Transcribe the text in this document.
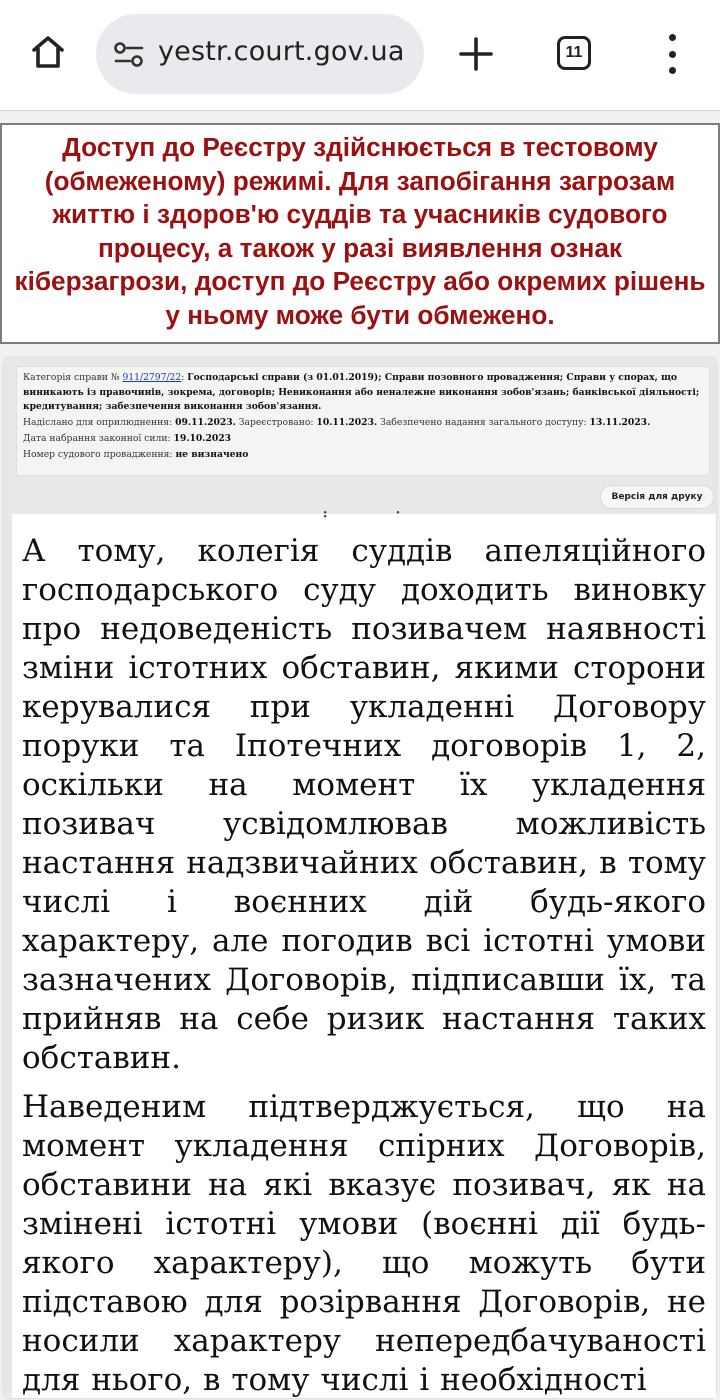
yestr.court.gov.ua	11
Доступ до Реєстру здійснюється в тестовому (обмеженому) режимі. Для запобігання загрозам життю і здоров'ю суддів та учасників судового процесу, а також у разі виявлення ознак кіберзагрози, доступ до Реєстру або окремих рішень у ньому може бути обмежено.
Категорія справи № 911/2797/22: Господарські справи (з 01.01.2019); Справи позовного провадження; Справи у спорах, що виникають із правочинів, зокрема, договорів; Невиконання або неналежне виконання зобов'язань; банківської діяльності; кредитування; забезпечення виконання зобов'язання.
Надіслано для оприлюднення: 09.11.2023. Зареєстровано: 10.11.2023. Забезпечено надання загального доступу: 13.11.2023.
Дата набрання законної сили: 19.10.2023
Номер судового провадження: не визначено
Версія для друку
· · ·
А тому, колегія суддів апеляційного господарського суду доходить виновку про недоведеність позивачем наявності зміни істотних обставин, якими сторони керувалися при укладенні Договору поруки та Іпотечних договорів 1, 2, оскільки на момент їх укладення позивач усвідомлював можливість настання надзвичайних обставин, в тому числі і воєнних дій будь-якого характеру, але погодив всі істотні умови зазначених Договорів, підписавши їх, та прийняв на себе ризик настання таких обставин.
Наведеним підтверджується, що на момент укладення спірних Договорів, обставини на які вказує позивач, як на змінені істотні умови (воєнні дії будь-якого характеру), що можуть бути підставою для розірвання Договорів, не носили характеру непередбачуваності для нього, в тому числі і необхідності
